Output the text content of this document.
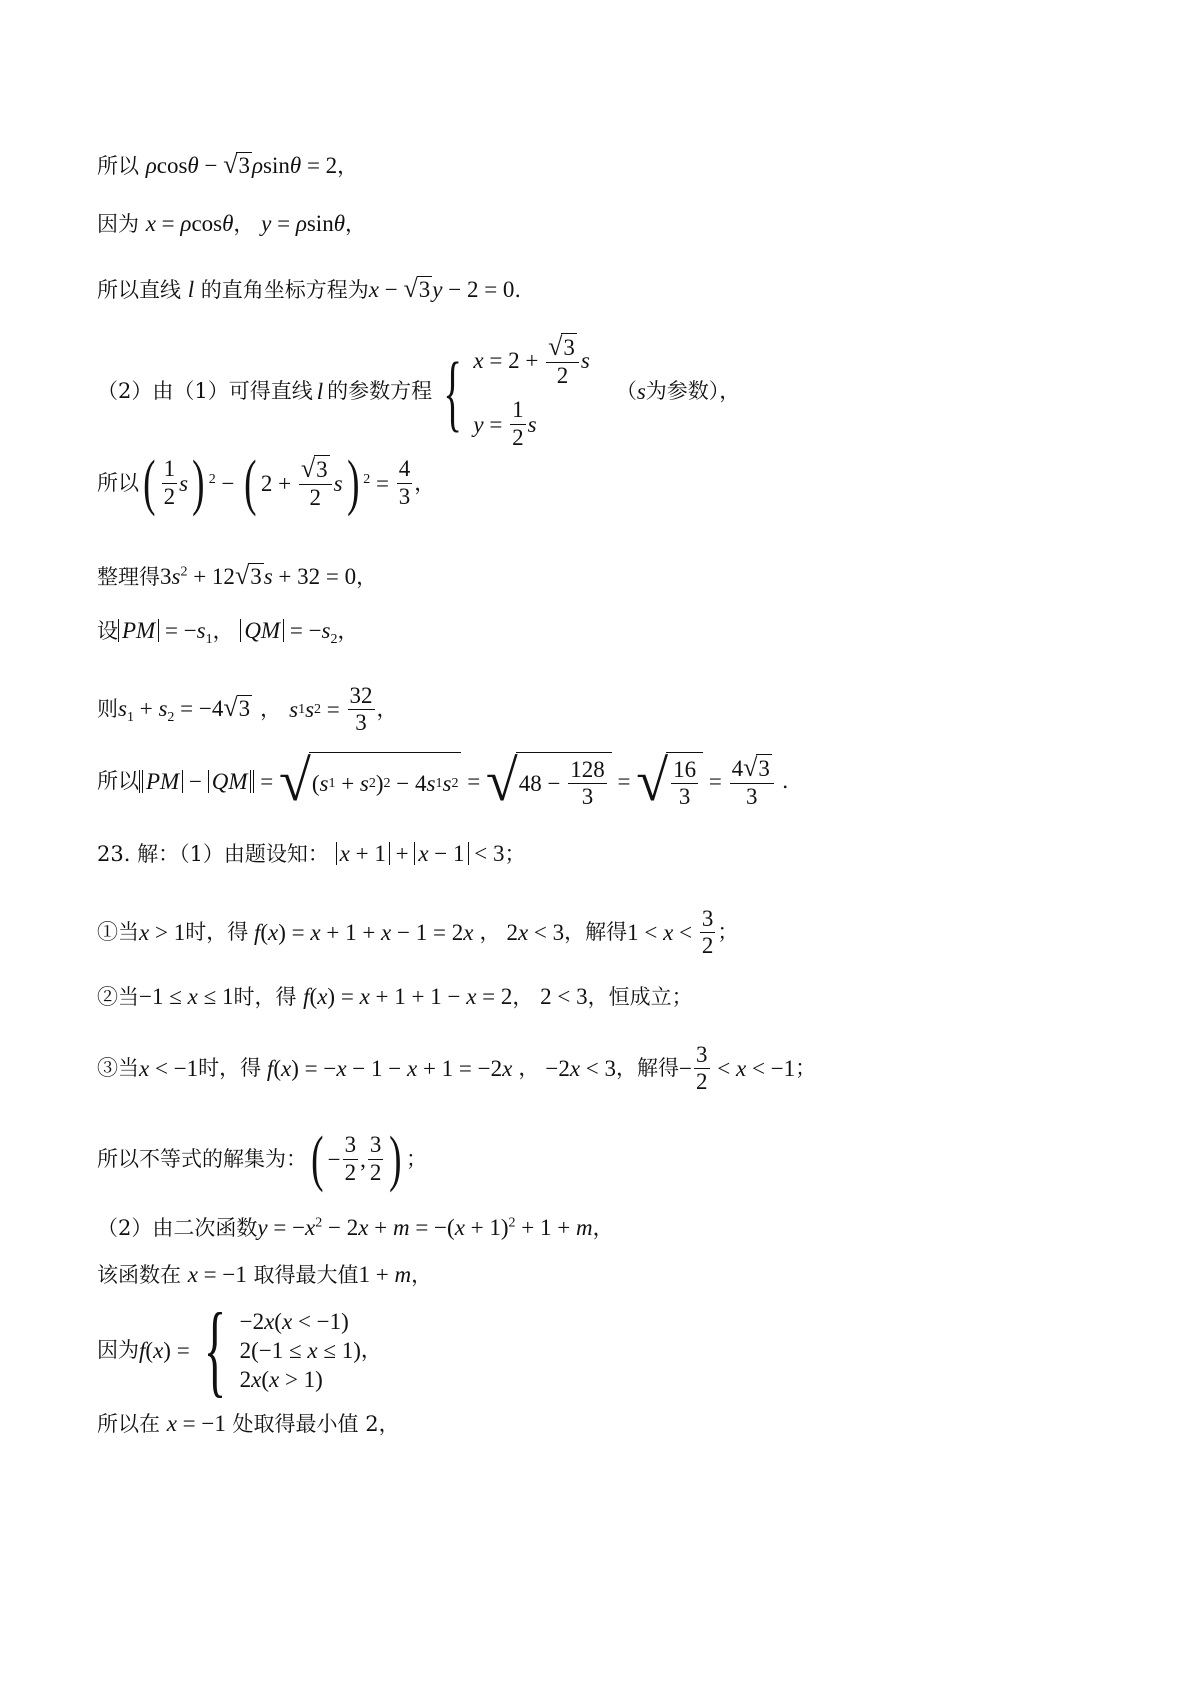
所以 ρcosθ − √3ρsinθ = 2，
因为 x = ρcosθ， y = ρsinθ，
所以直线 l 的直角坐标方程为x − √3y − 2 = 0.
（2）由（1）可得直线 l 的参数方程 { $x = 2 + \frac{√3}{2}$ s
$y = \frac{1}{2}$ s
（ s 为参数），
所以 ( $\frac{1}{2}$ s ) 2 − ( $2 + \frac{√3}{2}$ s ) $2 = \frac{4}{3}$ ，
整理得$3s^2 + 12√3s + 32 = 0$，
设 PM = $-s_1$， QM = $-s_2$，
则 $s_1 + s_2 = -4√3$ ， s 1 s $2 = \frac{32}{3}$ ，
所以 PM − QM = √ ( s 1 + s 2 ) 2 − 4 s 1 s 2 = √ $48 - \frac{128}{3}$ = √ $\frac{16}{3} = \frac{4√3}{3}$ .
23. 解：（1）由题设知： x + 1 + x − 1 < 3；
①当 x > 1 时，得 f(x) = x + 1 + x − 1 = 2x ， 2x < 3 ，解得 $1 < x < \frac{3}{2}$ ；
②当−1 ≤ x ≤ 1时，得 f(x) = x + 1 + 1 − x = 2， 2 < 3，恒成立；
③当 x < −1 时，得 f(x) = −x − 1 − x + 1 = −2x ， −2x < 3 ，解得 − $\frac{3}{2} < x < -1$ ；
所以不等式的解集为： ( − $\frac{3}{2}$ , $\frac{3}{2}$ ) ；
（2）由二次函数$y = -x^2 - 2x + m = -(x + 1)^2 + 1 + m$，
该函数在 x = −1 取得最大值1 + m，
因为 f(x) = { −2x(x < −1)
2(−1 ≤ x ≤ 1)
2x(x > 1)
，
所以在 x = −1 处取得最小值 2，
